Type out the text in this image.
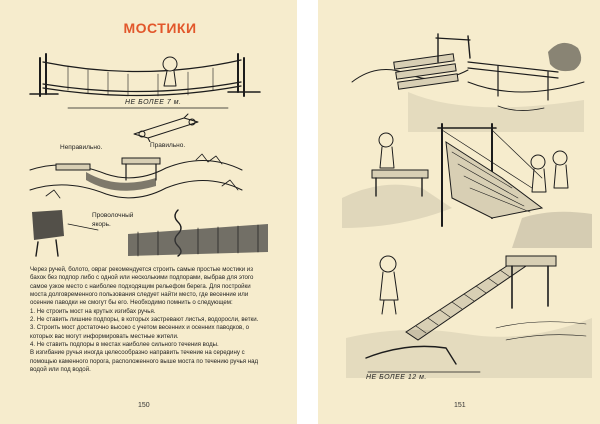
МОСТИКИ
НЕ БОЛЕЕ 7 м.
Неправильно.	Правильно.
Проволочный
якорь.

Через ручей, болото, овраг рекомендуется строить самые простые мостики из бахок без подпор либо с одной или несколькими подпорами, выбрав для этого самое узкое место с наиболее подходящим рельефом берега. Для постройки моста долговременного пользования следует найти место, где весенние или осенние паводки не смогут бы его. Необходимо помнить о следующем:

1. Не строить мост на крутых изгибах ручья.

2. Не ставить лишние подпоры, в которых застревают листья, водоросли, ветки.

3. Строить мост достаточно высоко с учетом весенних и осенних паводков, о которых вас могут информировать местные жители.

4. Не ставить подпоры в местах наиболее сильного течения воды.

В изгибание ручья иногда целесообразно направить течение на середину с помощью каменного порога, расположенного выше моста по течению ручья над водой или под водой.

150
НЕ БОЛЕЕ 12 м.
151
